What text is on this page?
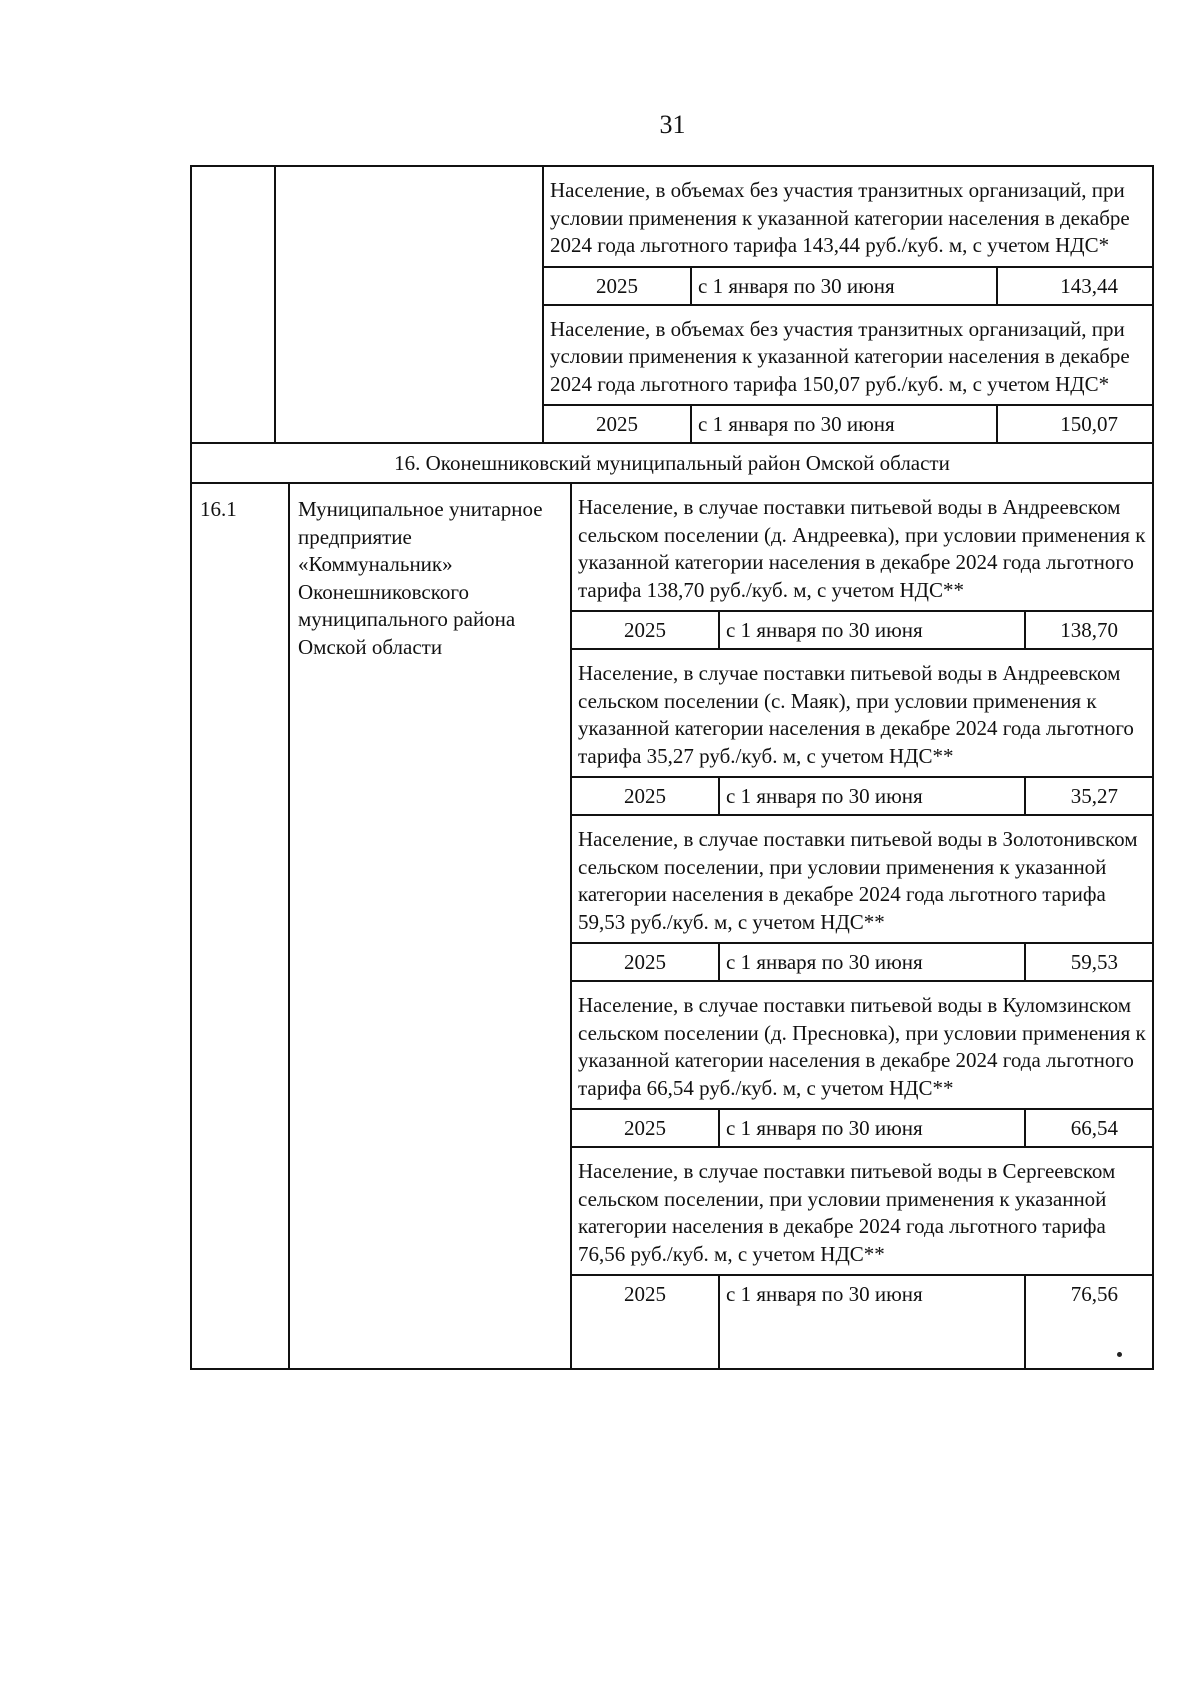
31
Население, в объемах без участия транзитных организаций, при условии применения к указанной категории населения в декабре 2024 года льготного тарифа 143,44 руб./куб. м, с учетом НДС*
2025	с 1 января по 30 июня	143,44
Население, в объемах без участия транзитных организаций, при условии применения к указанной категории населения в декабре 2024 года льготного тарифа 150,07 руб./куб. м, с учетом НДС*
2025	с 1 января по 30 июня	150,07
16. Оконешниковский муниципальный район Омской области
16.1	Муниципальное унитарное предприятие «Коммунальник» Оконешниковского муниципального района Омской области
Население, в случае поставки питьевой воды в Андреевском сельском поселении (д. Андреевка), при условии применения к указанной категории населения в декабре 2024 года льготного тарифа 138,70 руб./куб. м, с учетом НДС**
2025	с 1 января по 30 июня	138,70
Население, в случае поставки питьевой воды в Андреевском сельском поселении (с. Маяк), при условии применения к указанной категории населения в декабре 2024 года льготного тарифа 35,27 руб./куб. м, с учетом НДС**
2025	с 1 января по 30 июня	35,27
Население, в случае поставки питьевой воды в Золотонивском сельском поселении, при условии применения к указанной категории населения в декабре 2024 года льготного тарифа 59,53 руб./куб. м, с учетом НДС**
2025	с 1 января по 30 июня	59,53
Население, в случае поставки питьевой воды в Куломзинском сельском поселении (д. Пресновка), при условии применения к указанной категории населения в декабре 2024 года льготного тарифа 66,54 руб./куб. м, с учетом НДС**
2025	с 1 января по 30 июня	66,54
Население, в случае поставки питьевой воды в Сергеевском сельском поселении, при условии применения к указанной категории населения в декабре 2024 года льготного тарифа 76,56 руб./куб. м, с учетом НДС**
2025	с 1 января по 30 июня	76,56
